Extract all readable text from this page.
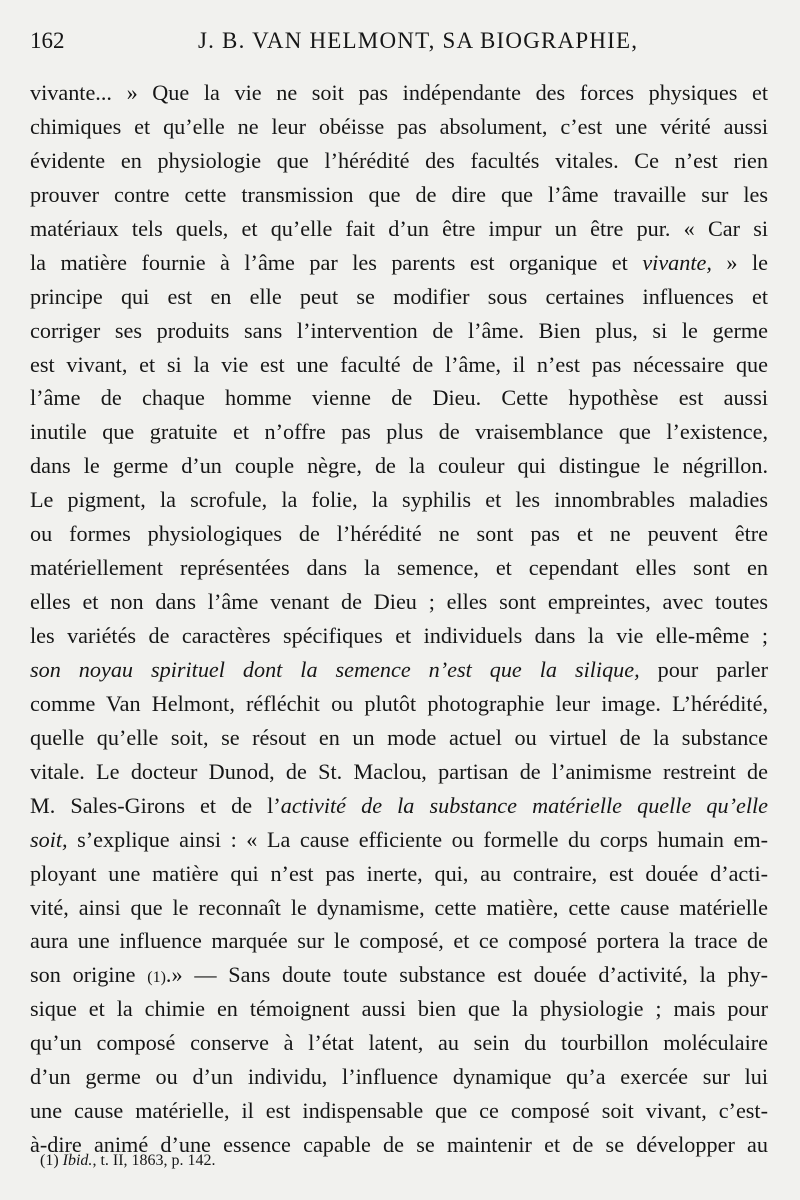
162	J. B. VAN HELMONT, SA BIOGRAPHIE,
vivante... » Que la vie ne soit pas indépendante des forces physiques et
chimiques et qu’elle ne leur obéisse pas absolument, c’est une vérité aussi
évidente en physiologie que l’hérédité des facultés vitales. Ce n’est rien
prouver contre cette transmission que de dire que l’âme travaille sur les
matériaux tels quels, et qu’elle fait d’un être impur un être pur. « Car si
la matière fournie à l’âme par les parents est organique et vivante, » le
principe qui est en elle peut se modifier sous certaines influences et
corriger ses produits sans l’intervention de l’âme. Bien plus, si le germe
est vivant, et si la vie est une faculté de l’âme, il n’est pas nécessaire que
l’âme de chaque homme vienne de Dieu. Cette hypothèse est aussi
inutile que gratuite et n’offre pas plus de vraisemblance que l’existence,
dans le germe d’un couple nègre, de la couleur qui distingue le négrillon.
Le pigment, la scrofule, la folie, la syphilis et les innombrables maladies
ou formes physiologiques de l’hérédité ne sont pas et ne peuvent être
matériellement représentées dans la semence, et cependant elles sont en
elles et non dans l’âme venant de Dieu ; elles sont empreintes, avec toutes
les variétés de caractères spécifiques et individuels dans la vie elle-même ;
son noyau spirituel dont la semence n’est que la silique, pour parler
comme Van Helmont, réfléchit ou plutôt photographie leur image. L’hérédité,
quelle qu’elle soit, se résout en un mode actuel ou virtuel de la substance
vitale. Le docteur Dunod, de St. Maclou, partisan de l’animisme restreint de
M. Sales-Girons et de l’activité de la substance matérielle quelle qu’elle
soit, s’explique ainsi : « La cause efficiente ou formelle du corps humain em-
ployant une matière qui n’est pas inerte, qui, au contraire, est douée d’acti-
vité, ainsi que le reconnaît le dynamisme, cette matière, cette cause matérielle
aura une influence marquée sur le composé, et ce composé portera la trace de
son origine (1).» — Sans doute toute substance est douée d’activité, la phy-
sique et la chimie en témoignent aussi bien que la physiologie ; mais pour
qu’un composé conserve à l’état latent, au sein du tourbillon moléculaire
d’un germe ou d’un individu, l’influence dynamique qu’a exercée sur lui
une cause matérielle, il est indispensable que ce composé soit vivant, c’est-
à-dire animé d’une essence capable de se maintenir et de se développer au
(1) Ibid., t. II, 1863, p. 142.
